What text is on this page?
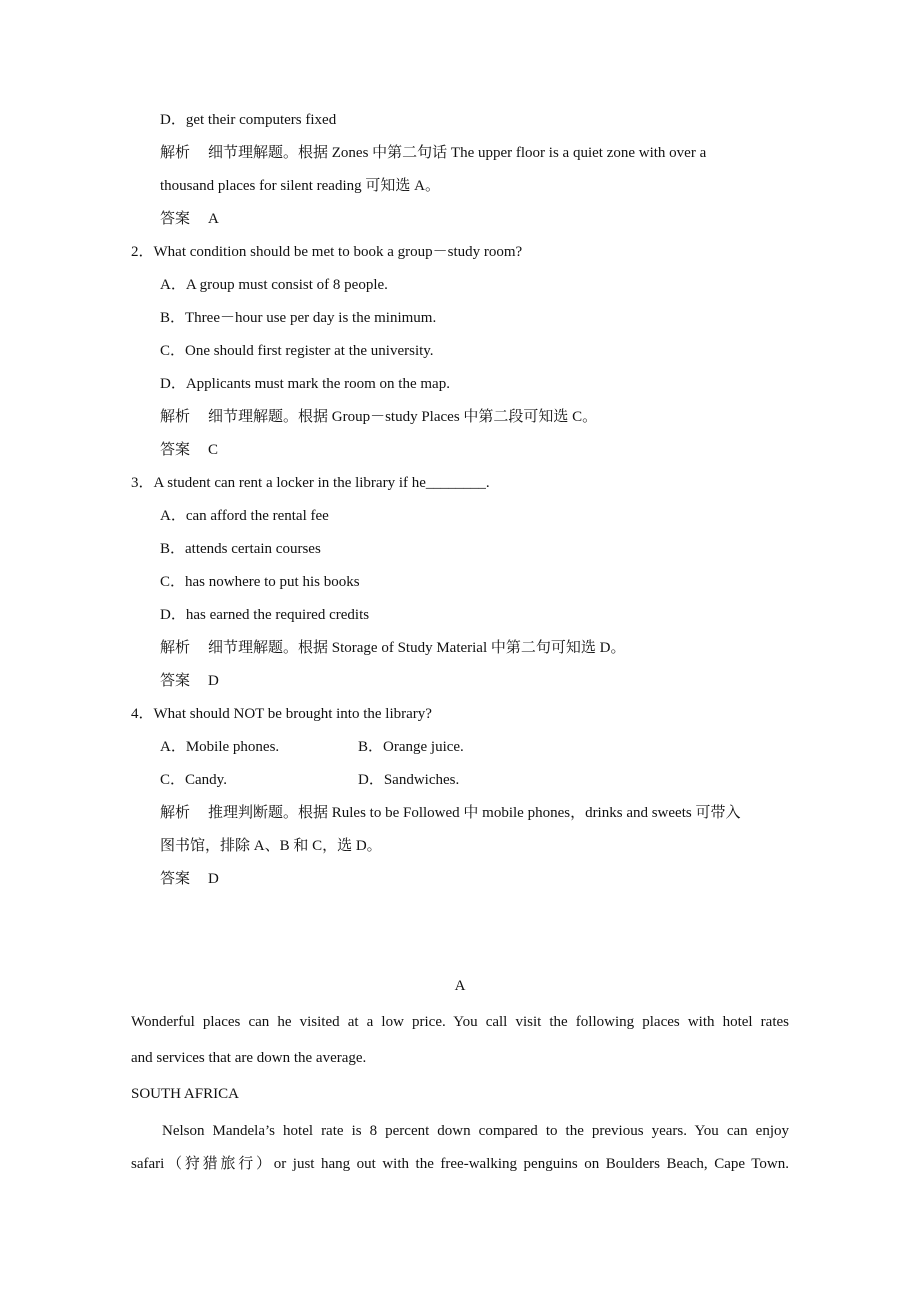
D．get their computers fixed
解析 细节理解题。根据 Zones 中第二句话 The upper floor is a quiet zone with over a
thousand places for silent reading 可知选 A。
答案 A
2．What condition should be met to book a group－study room?
A．A group must consist of 8 people.
B．Three－hour use per day is the minimum.
C．One should first register at the university.
D．Applicants must mark the room on the map.
解析 细节理解题。根据 Group－study Places 中第二段可知选 C。
答案 C
3．A student can rent a locker in the library if he________.
A．can afford the rental fee
B．attends certain courses
C．has nowhere to put his books
D．has earned the required credits
解析 细节理解题。根据 Storage of Study Material 中第二句可知选 D。
答案 D
4．What should NOT be brought into the library?
A．Mobile phones.	B．Orange juice.
C．Candy.	D．Sandwiches.
解析 推理判断题。根据 Rules to be Followed 中 mobile phones，drinks and sweets 可带入
图书馆，排除 A、B 和 C，选 D。
答案 D
A
Wonderful places can he visited at a low price. You call visit the following places with hotel rates
and services that are down the average.
SOUTH AFRICA
Nelson Mandela’s hotel rate is 8 percent down compared to the previous years. You can enjoy
safari（狩猎旅行）or just hang out with the free-walking penguins on Boulders Beach, Cape Town.
